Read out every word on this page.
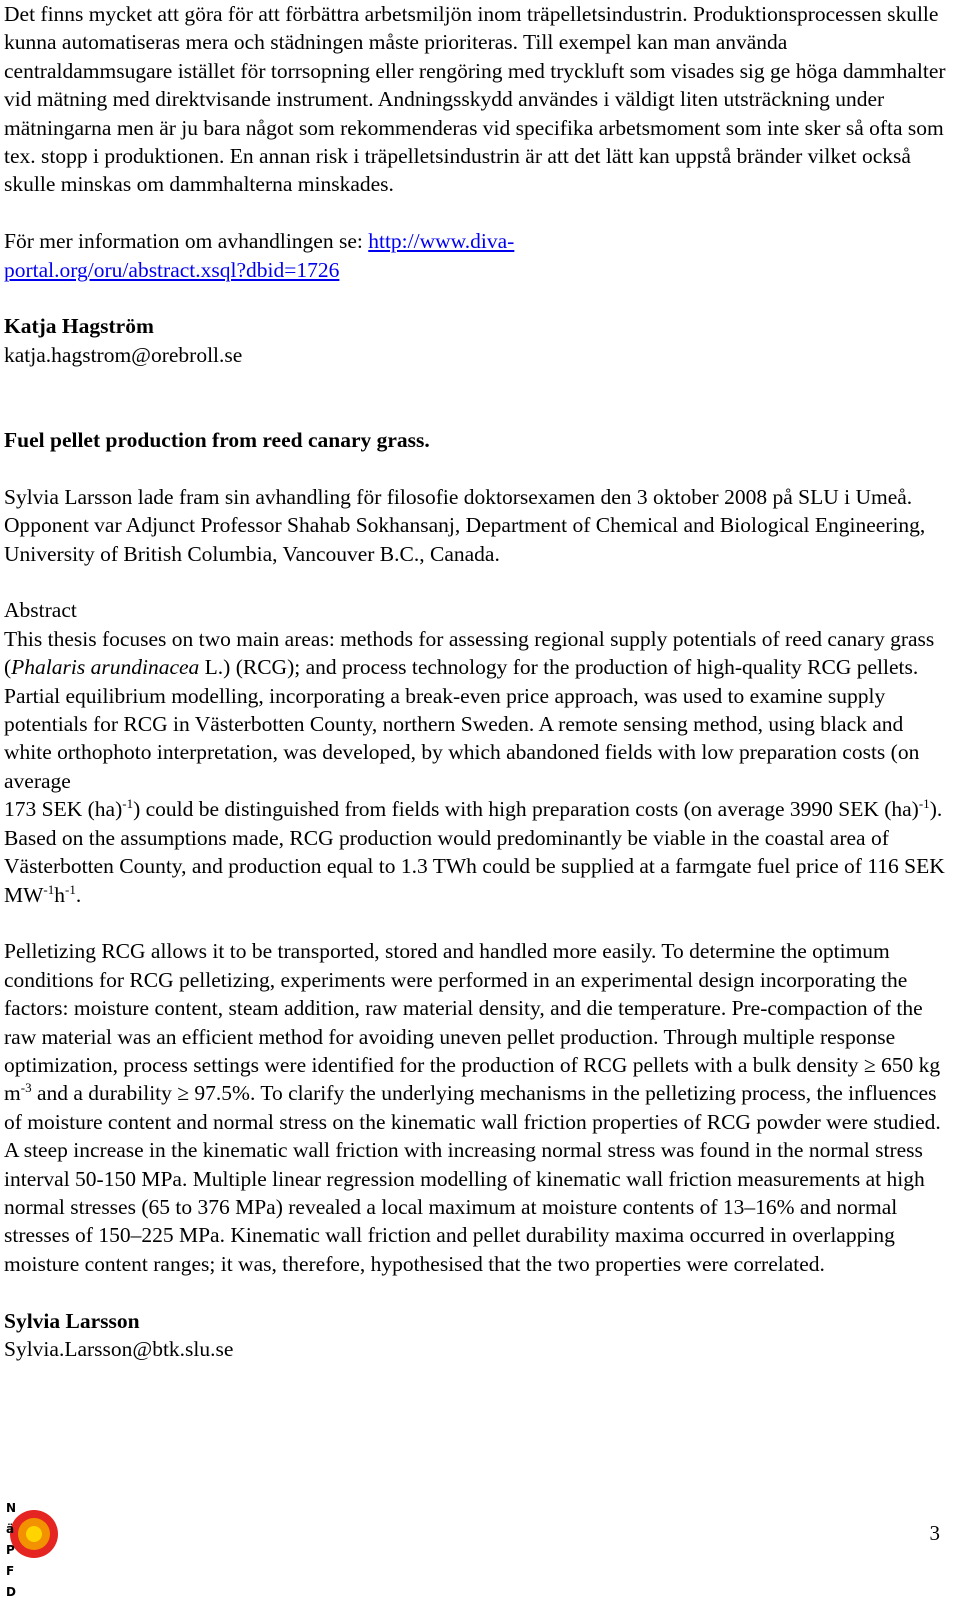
Det finns mycket att göra för att förbättra arbetsmiljön inom träpelletsindustrin. Produktionsprocessen skulle kunna automatiseras mera och städningen måste prioriteras. Till exempel kan man använda centraldammsugare istället för torrsopning eller rengöring med tryckluft som visades sig ge höga dammhalter vid mätning med direktvisande instrument. Andningsskydd användes i väldigt liten utsträckning under mätningarna men är ju bara något som rekommenderas vid specifika arbetsmoment som inte sker så ofta som tex. stopp i produktionen. En annan risk i träpelletsindustrin är att det lätt kan uppstå bränder vilket också skulle minskas om dammhalterna minskades.

För mer information om avhandlingen se: http://www.diva-
portal.org/oru/abstract.xsql?dbid=1726

Katja Hagström

katja.hagstrom@orebroll.se

Fuel pellet production from reed canary grass.

Sylvia Larsson lade fram sin avhandling för filosofie doktorsexamen den 3 oktober 2008 på SLU i Umeå. Opponent var Adjunct Professor Shahab Sokhansanj, Department of Chemical and Biological Engineering, University of British Columbia, Vancouver B.C., Canada.

Abstract

This thesis focuses on two main areas: methods for assessing regional supply potentials of reed canary grass (Phalaris arundinacea L.) (RCG); and process technology for the production of high-quality RCG pellets. Partial equilibrium modelling, incorporating a break-even price approach, was used to examine supply potentials for RCG in Västerbotten County, northern Sweden. A remote sensing method, using black and white orthophoto interpretation, was developed, by which abandoned fields with low preparation costs (on average
173 SEK (ha)$^{-1}$) could be distinguished from fields with high preparation costs (on average 3990 SEK (ha)$^{-1}$). Based on the assumptions made, RCG production would predominantly be viable in the coastal area of Västerbotten County, and production equal to 1.3 TWh could be supplied at a farmgate fuel price of 116 SEK $MW^{-1}h^{-1}$.

Pelletizing RCG allows it to be transported, stored and handled more easily. To determine the optimum conditions for RCG pelletizing, experiments were performed in an experimental design incorporating the factors: moisture content, steam addition, raw material density, and die temperature. Pre-compaction of the raw material was an efficient method for avoiding uneven pellet production. Through multiple response optimization, process settings were identified for the production of RCG pellets with a bulk density ≥ 650 kg $m^{-3}$ and a durability ≥ 97.5%. To clarify the underlying mechanisms in the pelletizing process, the influences of moisture content and normal stress on the kinematic wall friction properties of RCG powder were studied. A steep increase in the kinematic wall friction with increasing normal stress was found in the normal stress interval 50-150 MPa. Multiple linear regression modelling of kinematic wall friction measurements at high normal stresses (65 to 376 MPa) revealed a local maximum at moisture contents of 13–16% and normal stresses of 150–225 MPa. Kinematic wall friction and pellet durability maxima occurred in overlapping moisture content ranges; it was, therefore, hypothesised that the two properties were correlated.

Sylvia Larsson

Sylvia.Larsson@btk.slu.se

N
ä
P
F
D
3
